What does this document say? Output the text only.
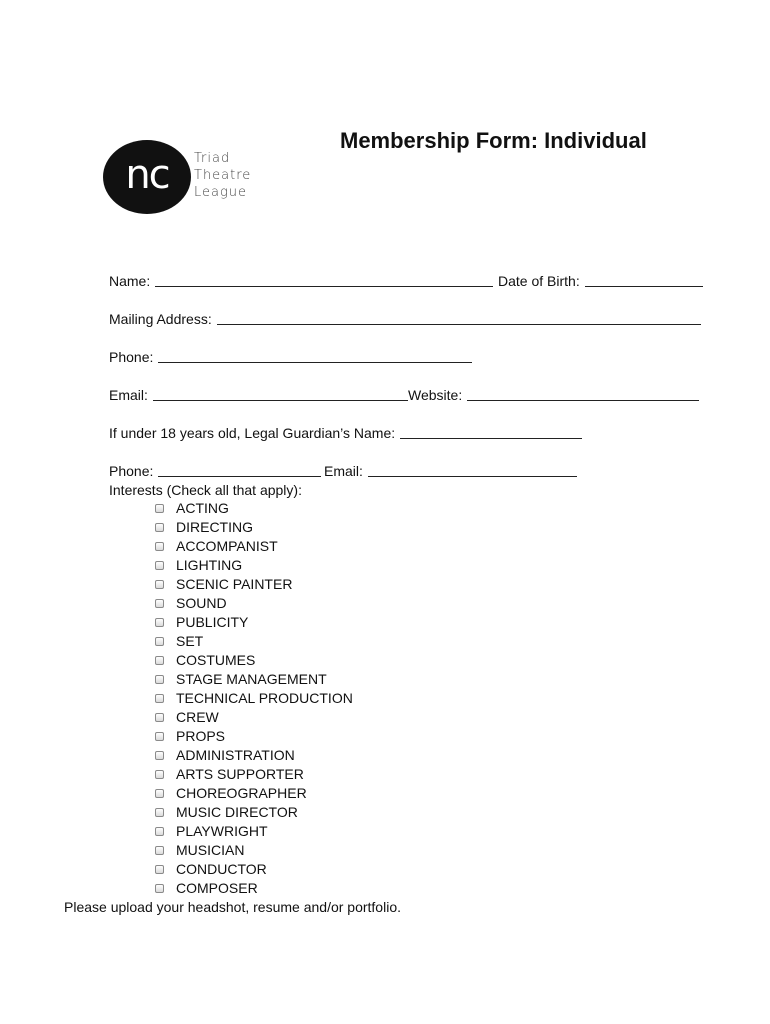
nc	Triad
Theatre
League
Membership Form: Individual
Name:	Date of Birth:
Mailing Address:
Phone:
Email:	Website:
If under 18 years old, Legal Guardian’s Name:
Phone:	Email:
Interests (Check all that apply):
ACTING
DIRECTING
ACCOMPANIST
LIGHTING
SCENIC PAINTER
SOUND
PUBLICITY
SET
COSTUMES
STAGE MANAGEMENT
TECHNICAL PRODUCTION
CREW
PROPS
ADMINISTRATION
ARTS SUPPORTER
CHOREOGRAPHER
MUSIC DIRECTOR
PLAYWRIGHT
MUSICIAN
CONDUCTOR
COMPOSER
Please upload your headshot, resume and/or portfolio.
